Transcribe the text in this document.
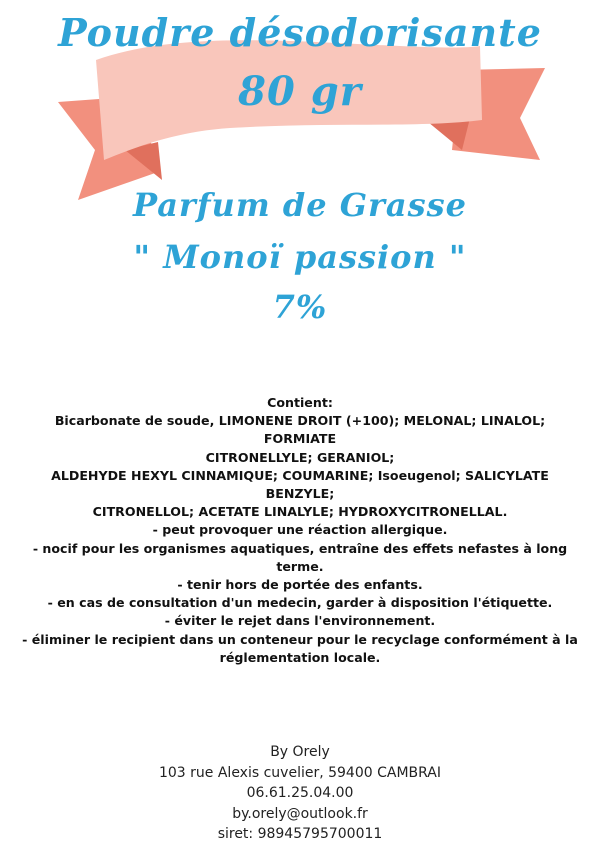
Poudre désodorisante
80 gr
Parfum de Grasse
" Monoï passion "
7%
Contient:
Bicarbonate de soude, LIMONENE DROIT (+100); MELONAL; LINALOL; FORMIATE
CITRONELLYLE; GERANIOL;
ALDEHYDE HEXYL CINNAMIQUE; COUMARINE; Isoeugenol; SALICYLATE BENZYLE;
CITRONELLOL; ACETATE LINALYLE; HYDROXYCITRONELLAL.
- peut provoquer une réaction allergique.
- nocif pour les organismes aquatiques, entraîne des effets nefastes à long
terme.
- tenir hors de portée des enfants.
- en cas de consultation d'un medecin, garder à disposition l'étiquette.
- éviter le rejet dans l'environnement.
- éliminer le recipient dans un conteneur pour le recyclage conformément à la
réglementation locale.
By Orely
103 rue Alexis cuvelier, 59400 CAMBRAI
06.61.25.04.00
by.orely@outlook.fr
siret: 98945795700011
